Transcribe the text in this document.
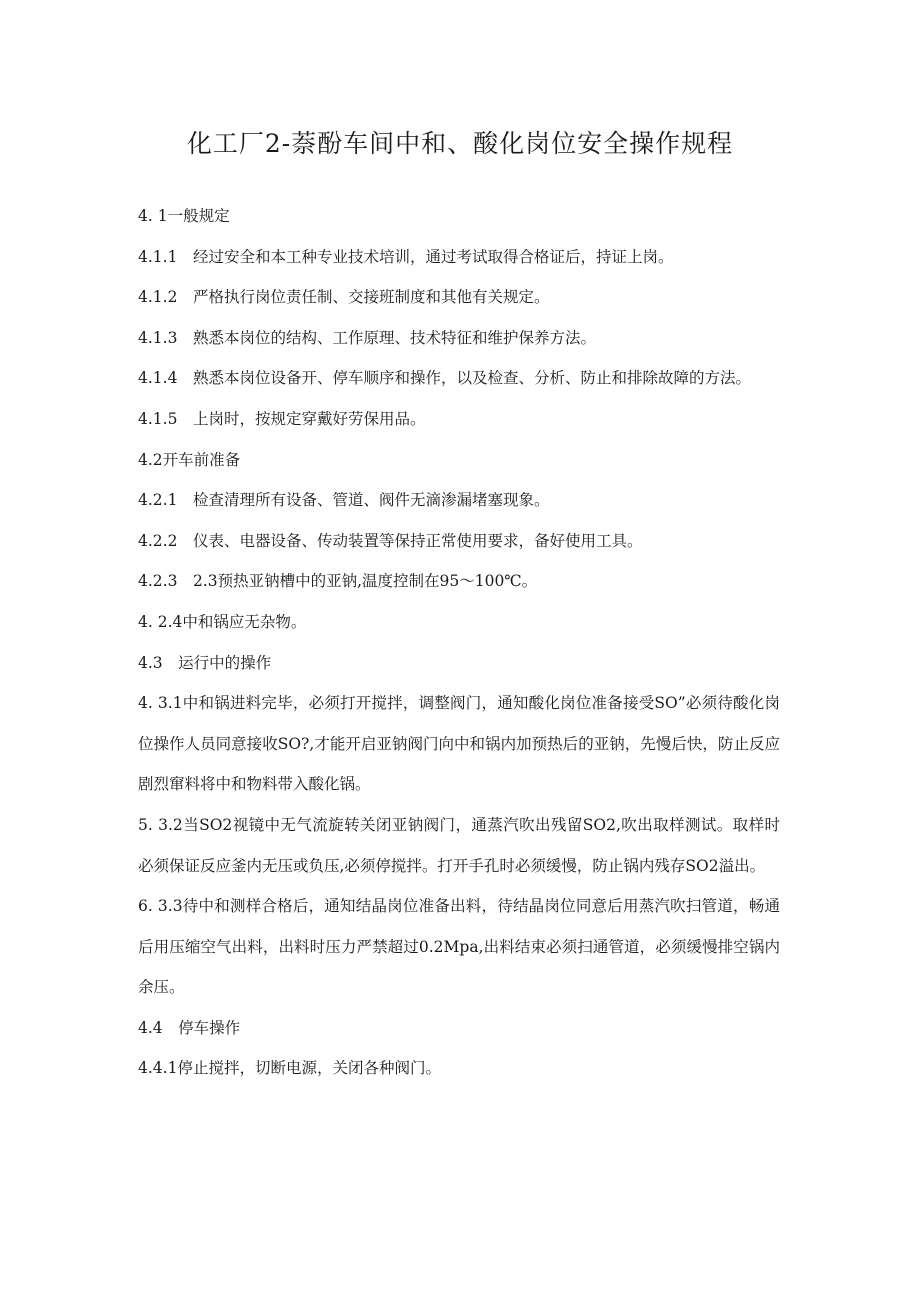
化工厂2-萘酚车间中和、酸化岗位安全操作规程

4. 1一般规定

4.1.1　经过安全和本工种专业技术培训，通过考试取得合格证后，持证上岗。

4.1.2　严格执行岗位责任制、交接班制度和其他有关规定。

4.1.3　熟悉本岗位的结构、工作原理、技术特征和维护保养方法。

4.1.4　熟悉本岗位设备开、停车顺序和操作，以及检查、分析、防止和排除故障的方法。

4.1.5　上岗时，按规定穿戴好劳保用品。

4.2开车前准备

4.2.1　检查清理所有设备、管道、阀件无滴渗漏堵塞现象。

4.2.2　仪表、电器设备、传动装置等保持正常使用要求，备好使用工具。

4.2.3　2.3预热亚钠槽中的亚钠,温度控制在95～100℃。

4. 2.4中和锅应无杂物。

4.3　运行中的操作

4. 3.1中和锅进料完毕，必须打开搅拌，调整阀门，通知酸化岗位准备接受SO”必须待酸化岗位操作人员同意接收SO?,才能开启亚钠阀门向中和锅内加预热后的亚钠，先慢后快，防止反应剧烈窜料将中和物料带入酸化锅。

5. 3.2当SO2视镜中无气流旋转关闭亚钠阀门，通蒸汽吹出残留SO2,吹出取样测试。取样时必须保证反应釜内无压或负压,必须停搅拌。打开手孔时必须缓慢，防止锅内残存SO2溢出。

6. 3.3待中和测样合格后，通知结晶岗位准备出料，待结晶岗位同意后用蒸汽吹扫管道，畅通后用压缩空气出料，出料时压力严禁超过0.2Mpa,出料结束必须扫通管道，必须缓慢排空锅内余压。

4.4　停车操作

4.4.1停止搅拌，切断电源，关闭各种阀门。
